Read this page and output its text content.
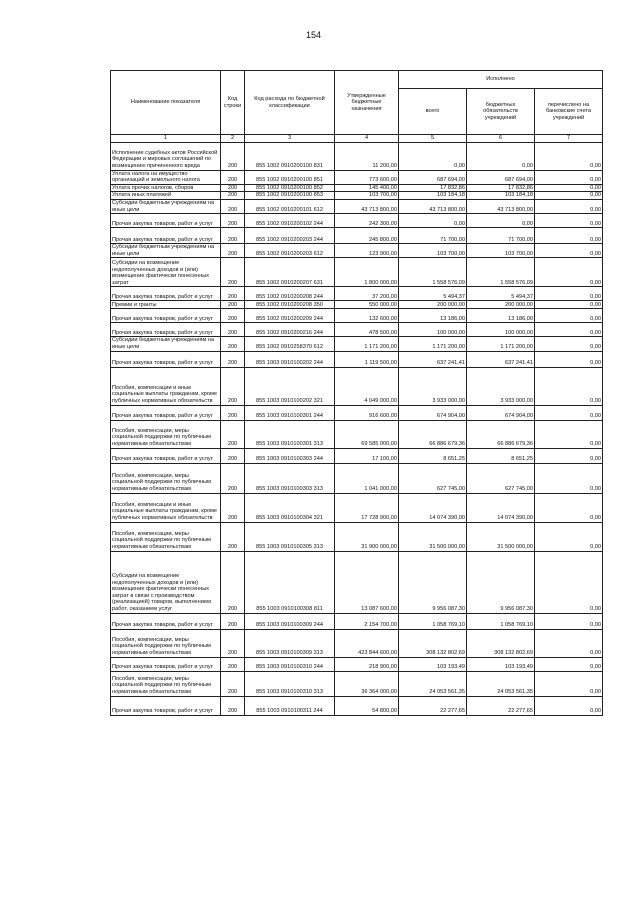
154
Наименование показателя	Код строки	Код расхода по бюджетной классификации	Утвержденные бюджетные назначения	Исполнено		
				всего	бюджетных обязательств учреждений	перечислено на банковские счета учреждений
1	2	3	4	5	6	7
Исполнение судебных актов Российской Федерации и мировых соглашений по возмещению причиненного вреда	200	855 1002 0910200100 831	11 200,00	0,00	0,00	0,00
Уплата налога на имущество организаций и земельного налога	200	855 1002 0910200100 851	773 600,00	687 694,00	687 694,00	0,00
Уплата прочих налогов, сборов	200	855 1002 0910200100 852	145 400,00	17 832,86	17 832,86	0,00
Уплата иных платежей	200	855 1002 0910200100 853	103 700,00	103 184,18	103 184,18	0,00
Субсидии бюджетным учреждениям на иные цели	200	855 1002 0910200101 612	43 713 800,00	43 713 800,00	43 713 800,00	0,00
Прочая закупка товаров, работ и услуг	200	855 1002 0910200102 244	242 300,00	0,00	0,00	0,00
Прочая закупка товаров, работ и услуг	200	855 1002 0910200203 244	245 800,00	71 700,00	71 700,00	0,00
Субсидии бюджетным учреждениям на иные цели	200	855 1002 0910200203 612	123 900,00	103 700,00	103 700,00	0,00
Субсидии на возмещение недополученных доходов и (или) возмещение фактически понесенных затрат	200	855 1002 0910200207 631	1 800 000,00	1 558 576,09	1 558 576,09	0,00
Прочая закупка товаров, работ и услуг	200	855 1002 0910200208 244	37 200,00	5 494,37	5 494,37	0,00
Премии и гранты	200	855 1002 0910200208 350	550 000,00	200 000,00	200 000,00	0,00
Прочая закупка товаров, работ и услуг	200	855 1002 0910200209 244	132 600,00	13 186,00	13 186,00	0,00
Прочая закупка товаров, работ и услуг	200	855 1002 0910200216 244	478 500,00	100 000,00	100 000,00	0,00
Субсидии бюджетным учреждениям на иные цели	200	855 1002 0910258370 612	1 171 200,00	1 171 200,00	1 171 200,00	0,00
Прочая закупка товаров, работ и услуг	200	855 1003 0910100202 244	1 119 500,00	637 241,41	637 241,41	0,00
Пособия, компенсации и иные социальные выплаты гражданам, кроме публичных нормативных обязательств	200	855 1003 0910100202 321	4 049 000,00	3 933 000,00	3 933 000,00	0,00
Прочая закупка товаров, работ и услуг	200	855 1003 0910100301 244	916 600,00	674 904,00	674 904,00	0,00
Пособия, компенсации, меры социальной поддержки по публичным нормативным обязательствам	200	855 1003 0910100301 313	69 585 000,00	66 886 679,36	66 886 679,36	0,00
Прочая закупка товаров, работ и услуг	200	855 1003 0910100303 244	17 100,00	8 651,25	8 651,25	0,00
Пособия, компенсации, меры социальной поддержки по публичным нормативным обязательствам	200	855 1003 0910100303 313	1 041 000,00	627 745,00	627 745,00	0,00
Пособия, компенсации и иные социальные выплаты гражданам, кроме публичных нормативных обязательств	200	855 1003 0910100304 321	17 728 900,00	14 074 390,00	14 074 390,00	0,00
Пособия, компенсации, меры социальной поддержки по публичным нормативным обязательствам	200	855 1003 0910100305 313	31 900 000,00	31 500 000,00	31 500 000,00	0,00
Субсидии на возмещение недополученных доходов и (или) возмещение фактически понесенных затрат в связи с производством (реализацией) товаров, выполнением работ, оказанием услуг	200	855 1003 0910100308 811	13 087 600,00	9 956 087,30	9 956 087,30	0,00
Прочая закупка товаров, работ и услуг	200	855 1003 0910100309 244	2 154 700,00	1 058 769,10	1 058 769,10	0,00
Пособия, компенсации, меры социальной поддержки по публичным нормативным обязательствам	200	855 1003 0910100309 313	423 844 600,00	308 132 802,69	308 132 802,69	0,00
Прочая закупка товаров, работ и услуг	200	855 1003 0910100310 244	218 900,00	103 193,49	103 193,49	0,00
Пособия, компенсации, меры социальной поддержки по публичным нормативным обязательствам	200	855 1003 0910100310 313	36 364 000,00	24 053 561,35	24 053 561,35	0,00
Прочая закупка товаров, работ и услуг	200	855 1003 0910100311 244	54 800,00	22 277,65	22 277,65	0,00
